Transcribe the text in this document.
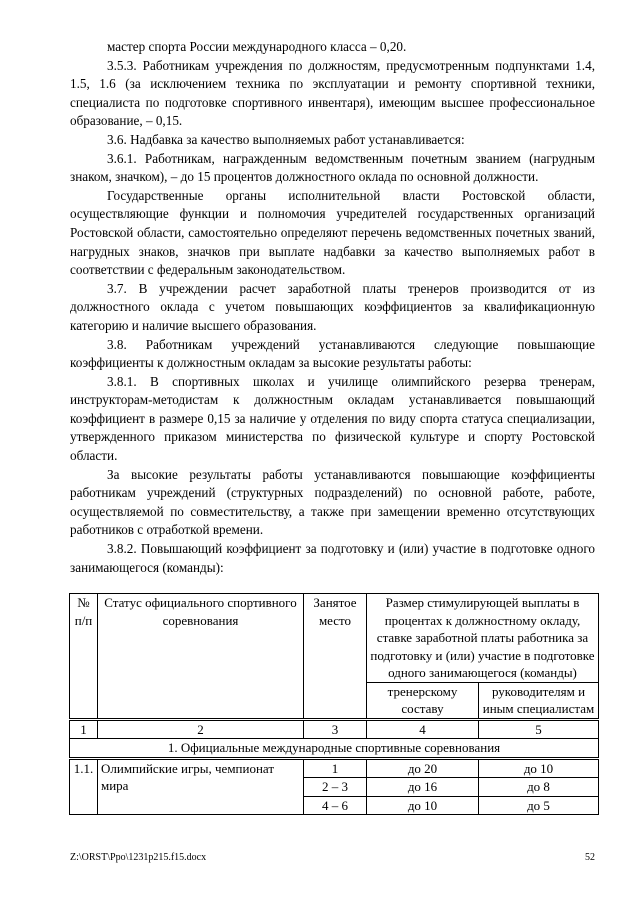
мастер спорта России международного класса – 0,20.

3.5.3. Работникам учреждения по должностям, предусмотренным подпунктами 1.4, 1.5, 1.6 (за исключением техника по эксплуатации и ремонту спортивной техники, специалиста по подготовке спортивного инвентаря), имеющим высшее профессиональное образование, – 0,15.

3.6. Надбавка за качество выполняемых работ устанавливается:

3.6.1. Работникам, награжденным ведомственным почетным званием (нагрудным знаком, значком), – до 15 процентов должностного оклада по основной должности.

Государственные органы исполнительной власти Ростовской области, осуществляющие функции и полномочия учредителей государственных организаций Ростовской области, самостоятельно определяют перечень ведомственных почетных званий, нагрудных знаков, значков при выплате надбавки за качество выполняемых работ в соответствии с федеральным законодательством.

3.7. В учреждении расчет заработной платы тренеров производится от из должностного оклада с учетом повышающих коэффициентов за квалификационную категорию и наличие высшего образования.

3.8. Работникам учреждений устанавливаются следующие повышающие коэффициенты к должностным окладам за высокие результаты работы:

3.8.1. В спортивных школах и училище олимпийского резерва тренерам, инструкторам-методистам к должностным окладам устанавливается повышающий коэффициент в размере 0,15 за наличие у отделения по виду спорта статуса специализации, утвержденного приказом министерства по физической культуре и спорту Ростовской области.

За высокие результаты работы устанавливаются повышающие коэффициенты работникам учреждений (структурных подразделений) по основной работе, работе, осуществляемой по совместительству, а также при замещении временно отсутствующих работников с отработкой времени.

3.8.2. Повышающий коэффициент за подготовку и (или) участие в подготовке одного занимающегося (команды):

№ п/п	Статус официального спортивного соревнования	Занятое место	Размер стимулирующей выплаты в процентах к должностному окладу, ставке заработной платы работника за подготовку и (или) участие в подготовке одного занимающегося (команды)	
			тренерскому составу	руководителям и иным специалистам
1	2	3	4	5
1. Официальные международные спортивные соревнования				
1.1.	Олимпийские игры, чемпионат мира	1	до 20	до 10
		2 – 3	до 16	до 8
		4 – 6	до 10	до 5
Z:\ORST\Ppo\1231p215.f15.docx	52
